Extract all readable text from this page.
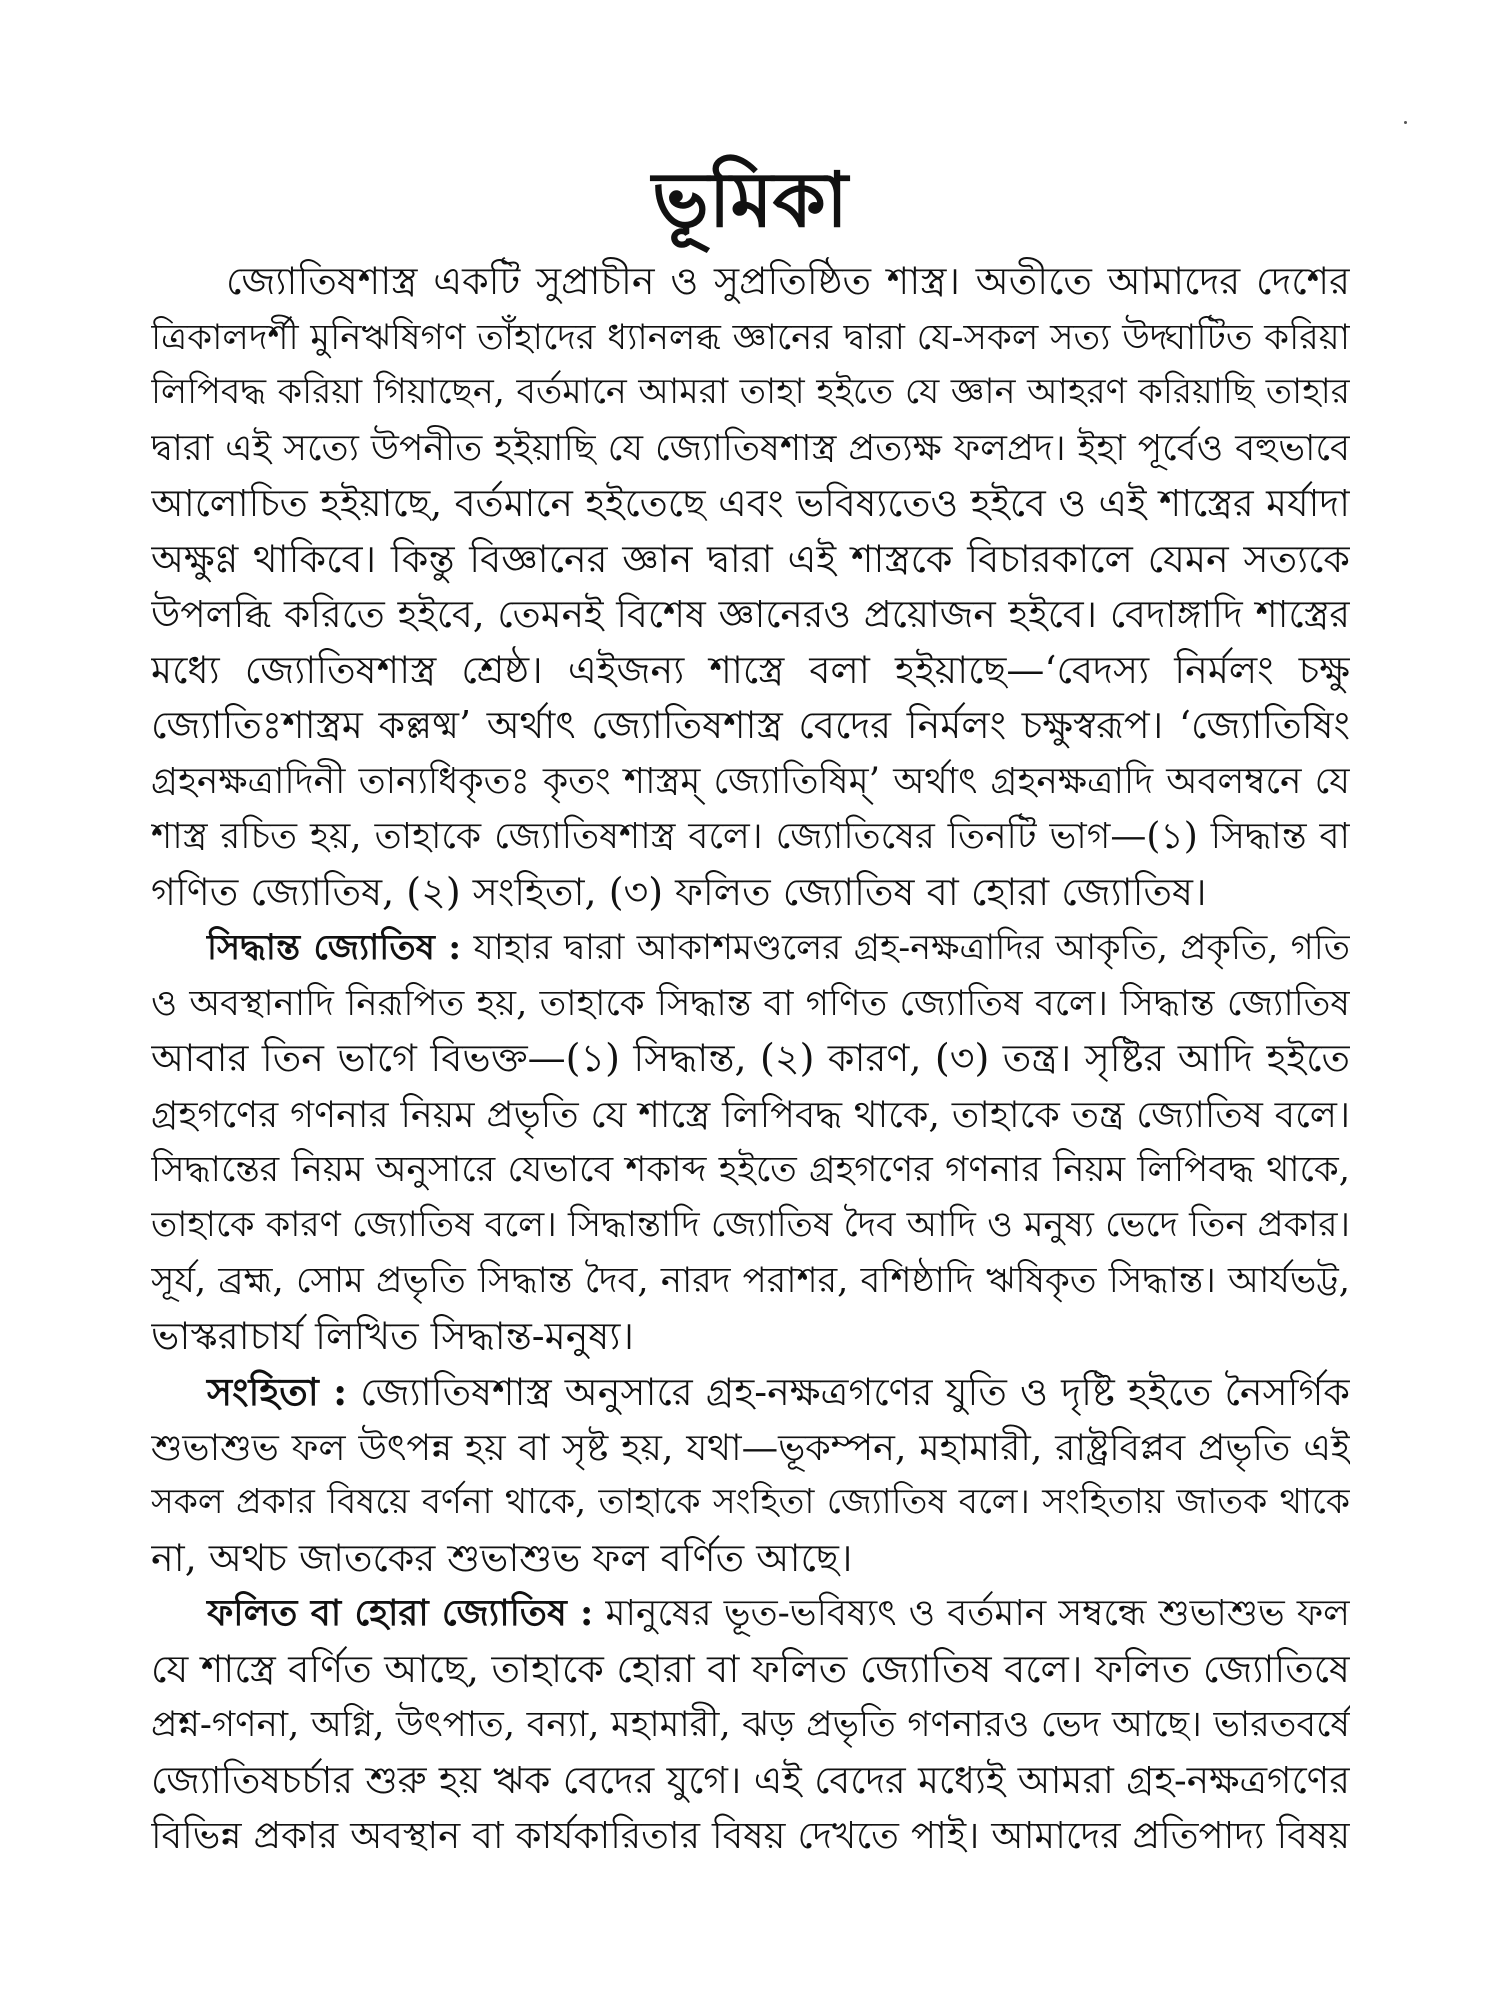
ভূমিকা
জ্যোতিষশাস্ত্র একটি সুপ্রাচীন ও সুপ্রতিষ্ঠিত শাস্ত্র। অতীতে আমাদের দেশের
ত্রিকালদর্শী মুনিঋষিগণ তাঁহাদের ধ্যানলব্ধ জ্ঞানের দ্বারা যে-সকল সত্য উদ্ঘাটিত করিয়া
লিপিবদ্ধ করিয়া গিয়াছেন, বর্তমানে আমরা তাহা হইতে যে জ্ঞান আহরণ করিয়াছি তাহার
দ্বারা এই সত্যে উপনীত হইয়াছি যে জ্যোতিষশাস্ত্র প্রত্যক্ষ ফলপ্রদ। ইহা পূর্বেও বহুভাবে
আলোচিত হইয়াছে, বর্তমানে হইতেছে এবং ভবিষ্যতেও হইবে ও এই শাস্ত্রের মর্যাদা
অক্ষুণ্ণ থাকিবে। কিন্তু বিজ্ঞানের জ্ঞান দ্বারা এই শাস্ত্রকে বিচারকালে যেমন সত্যকে
উপলব্ধি করিতে হইবে, তেমনই বিশেষ জ্ঞানেরও প্রয়োজন হইবে। বেদাঙ্গাদি শাস্ত্রের
মধ্যে জ্যোতিষশাস্ত্র শ্রেষ্ঠ। এইজন্য শাস্ত্রে বলা হইয়াছে—‘বেদস্য নির্মলং চক্ষু
জ্যোতিঃশাস্ত্রম কল্লষ্ম’ অর্থাৎ জ্যোতিষশাস্ত্র বেদের নির্মলং চক্ষুস্বরূপ। ‘জ্যোতিষিং
গ্রহনক্ষত্রাদিনী তান্যধিকৃতঃ কৃতং শাস্ত্রম্ জ্যোতিষিম্’ অর্থাৎ গ্রহনক্ষত্রাদি অবলম্বনে যে
শাস্ত্র রচিত হয়, তাহাকে জ্যোতিষশাস্ত্র বলে। জ্যোতিষের তিনটি ভাগ—(১) সিদ্ধান্ত বা
গণিত জ্যোতিষ, (২) সংহিতা, (৩) ফলিত জ্যোতিষ বা হোরা জ্যোতিষ।
সিদ্ধান্ত জ্যোতিষ : যাহার দ্বারা আকাশমণ্ডলের গ্রহ-নক্ষত্রাদির আকৃতি, প্রকৃতি, গতি
ও অবস্থানাদি নিরূপিত হয়, তাহাকে সিদ্ধান্ত বা গণিত জ্যোতিষ বলে। সিদ্ধান্ত জ্যোতিষ
আবার তিন ভাগে বিভক্ত—(১) সিদ্ধান্ত, (২) কারণ, (৩) তন্ত্র। সৃষ্টির আদি হইতে
গ্রহগণের গণনার নিয়ম প্রভৃতি যে শাস্ত্রে লিপিবদ্ধ থাকে, তাহাকে তন্ত্র জ্যোতিষ বলে।
সিদ্ধান্তের নিয়ম অনুসারে যেভাবে শকাব্দ হইতে গ্রহগণের গণনার নিয়ম লিপিবদ্ধ থাকে,
তাহাকে কারণ জ্যোতিষ বলে। সিদ্ধান্তাদি জ্যোতিষ দৈব আদি ও মনুষ্য ভেদে তিন প্রকার।
সূর্য, ব্রহ্ম, সোম প্রভৃতি সিদ্ধান্ত দৈব, নারদ পরাশর, বশিষ্ঠাদি ঋষিকৃত সিদ্ধান্ত। আর্যভট্ট,
ভাস্করাচার্য লিখিত সিদ্ধান্ত-মনুষ্য।
সংহিতা : জ্যোতিষশাস্ত্র অনুসারে গ্রহ-নক্ষত্রগণের যুতি ও দৃষ্টি হইতে নৈসর্গিক
শুভাশুভ ফল উৎপন্ন হয় বা সৃষ্ট হয়, যথা—ভূকম্পন, মহামারী, রাষ্ট্রবিপ্লব প্রভৃতি এই
সকল প্রকার বিষয়ে বর্ণনা থাকে, তাহাকে সংহিতা জ্যোতিষ বলে। সংহিতায় জাতক থাকে
না, অথচ জাতকের শুভাশুভ ফল বর্ণিত আছে।
ফলিত বা হোরা জ্যোতিষ : মানুষের ভূত-ভবিষ্যৎ ও বর্তমান সম্বন্ধে শুভাশুভ ফল
যে শাস্ত্রে বর্ণিত আছে, তাহাকে হোরা বা ফলিত জ্যোতিষ বলে। ফলিত জ্যোতিষে
প্রশ্ন-গণনা, অগ্নি, উৎপাত, বন্যা, মহামারী, ঝড় প্রভৃতি গণনারও ভেদ আছে। ভারতবর্ষে
জ্যোতিষচর্চার শুরু হয় ঋক বেদের যুগে। এই বেদের মধ্যেই আমরা গ্রহ-নক্ষত্রগণের
বিভিন্ন প্রকার অবস্থান বা কার্যকারিতার বিষয় দেখতে পাই। আমাদের প্রতিপাদ্য বিষয়
